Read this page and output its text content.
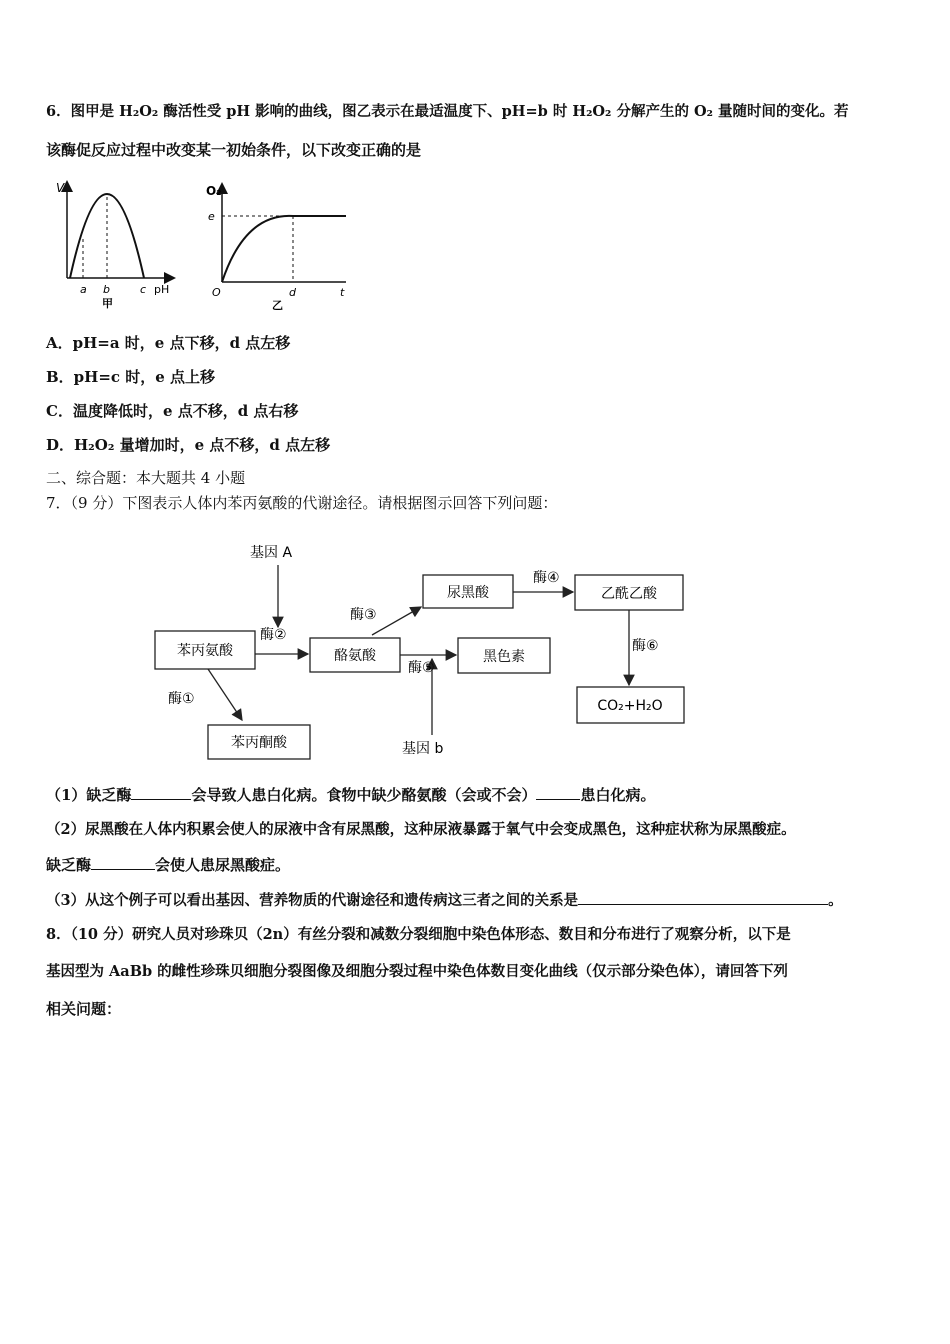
6．图甲是 H₂O₂ 酶活性受 pH 影响的曲线，图乙表示在最适温度下、pH=b 时 H₂O₂ 分解产生的 O₂ 量随时间的变化。若
该酶促反应过程中改变某一初始条件，以下改变正确的是
V
a b	c pH
甲
O₂
e
O	d	t
乙
A．pH=a 时，e 点下移，d 点左移
B．pH=c 时，e 点上移
C．温度降低时，e 点不移，d 点右移
D．H₂O₂ 量增加时，e 点不移，d 点左移
二、综合题：本大题共 4 小题
7．（9 分）下图表示人体内苯丙氨酸的代谢途径。请根据图示回答下列问题：
苯丙氨酸	酪氨酸
尿黑酸	乙酰乙酸
黑色素
苯丙酮酸
CO₂+H₂O
基因 A
基因 b
酶①
酶②
酶③
酶④
酶⑤
酶⑥
（1）缺乏酶	会导致人患白化病。食物中缺少酪氨酸（会或不会）	患白化病。
（2）尿黑酸在人体内积累会使人的尿液中含有尿黑酸，这种尿液暴露于氧气中会变成黑色，这种症状称为尿黑酸症。
缺乏酶	会使人患尿黑酸症。
（3）从这个例子可以看出基因、营养物质的代谢途径和遗传病这三者之间的关系是	。
8．（10 分）研究人员对珍珠贝（2n）有丝分裂和减数分裂细胞中染色体形态、数目和分布进行了观察分析，以下是
基因型为 AaBb 的雌性珍珠贝细胞分裂图像及细胞分裂过程中染色体数目变化曲线（仅示部分染色体），请回答下列
相关问题：
